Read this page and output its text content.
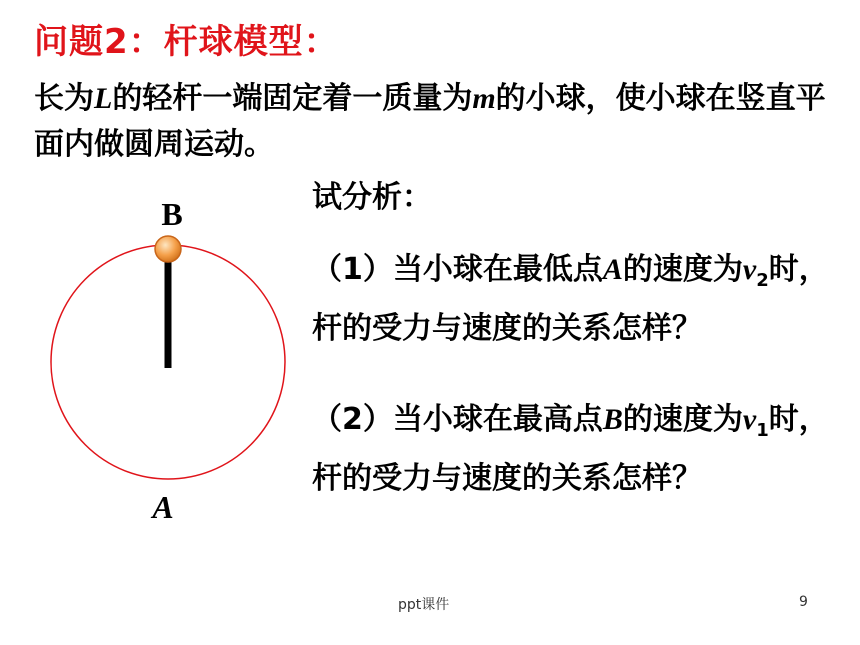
问题2：杆球模型：
长为L的轻杆一端固定着一质量为m的小球，使小球在竖直平面内做圆周运动。
试分析：
（1）当小球在最低点A的速度为$v_2$时，杆的受力与速度的关系怎样？
（2）当小球在最高点B的速度为$v_1$时，杆的受力与速度的关系怎样？
B
A
ppt课件	9
